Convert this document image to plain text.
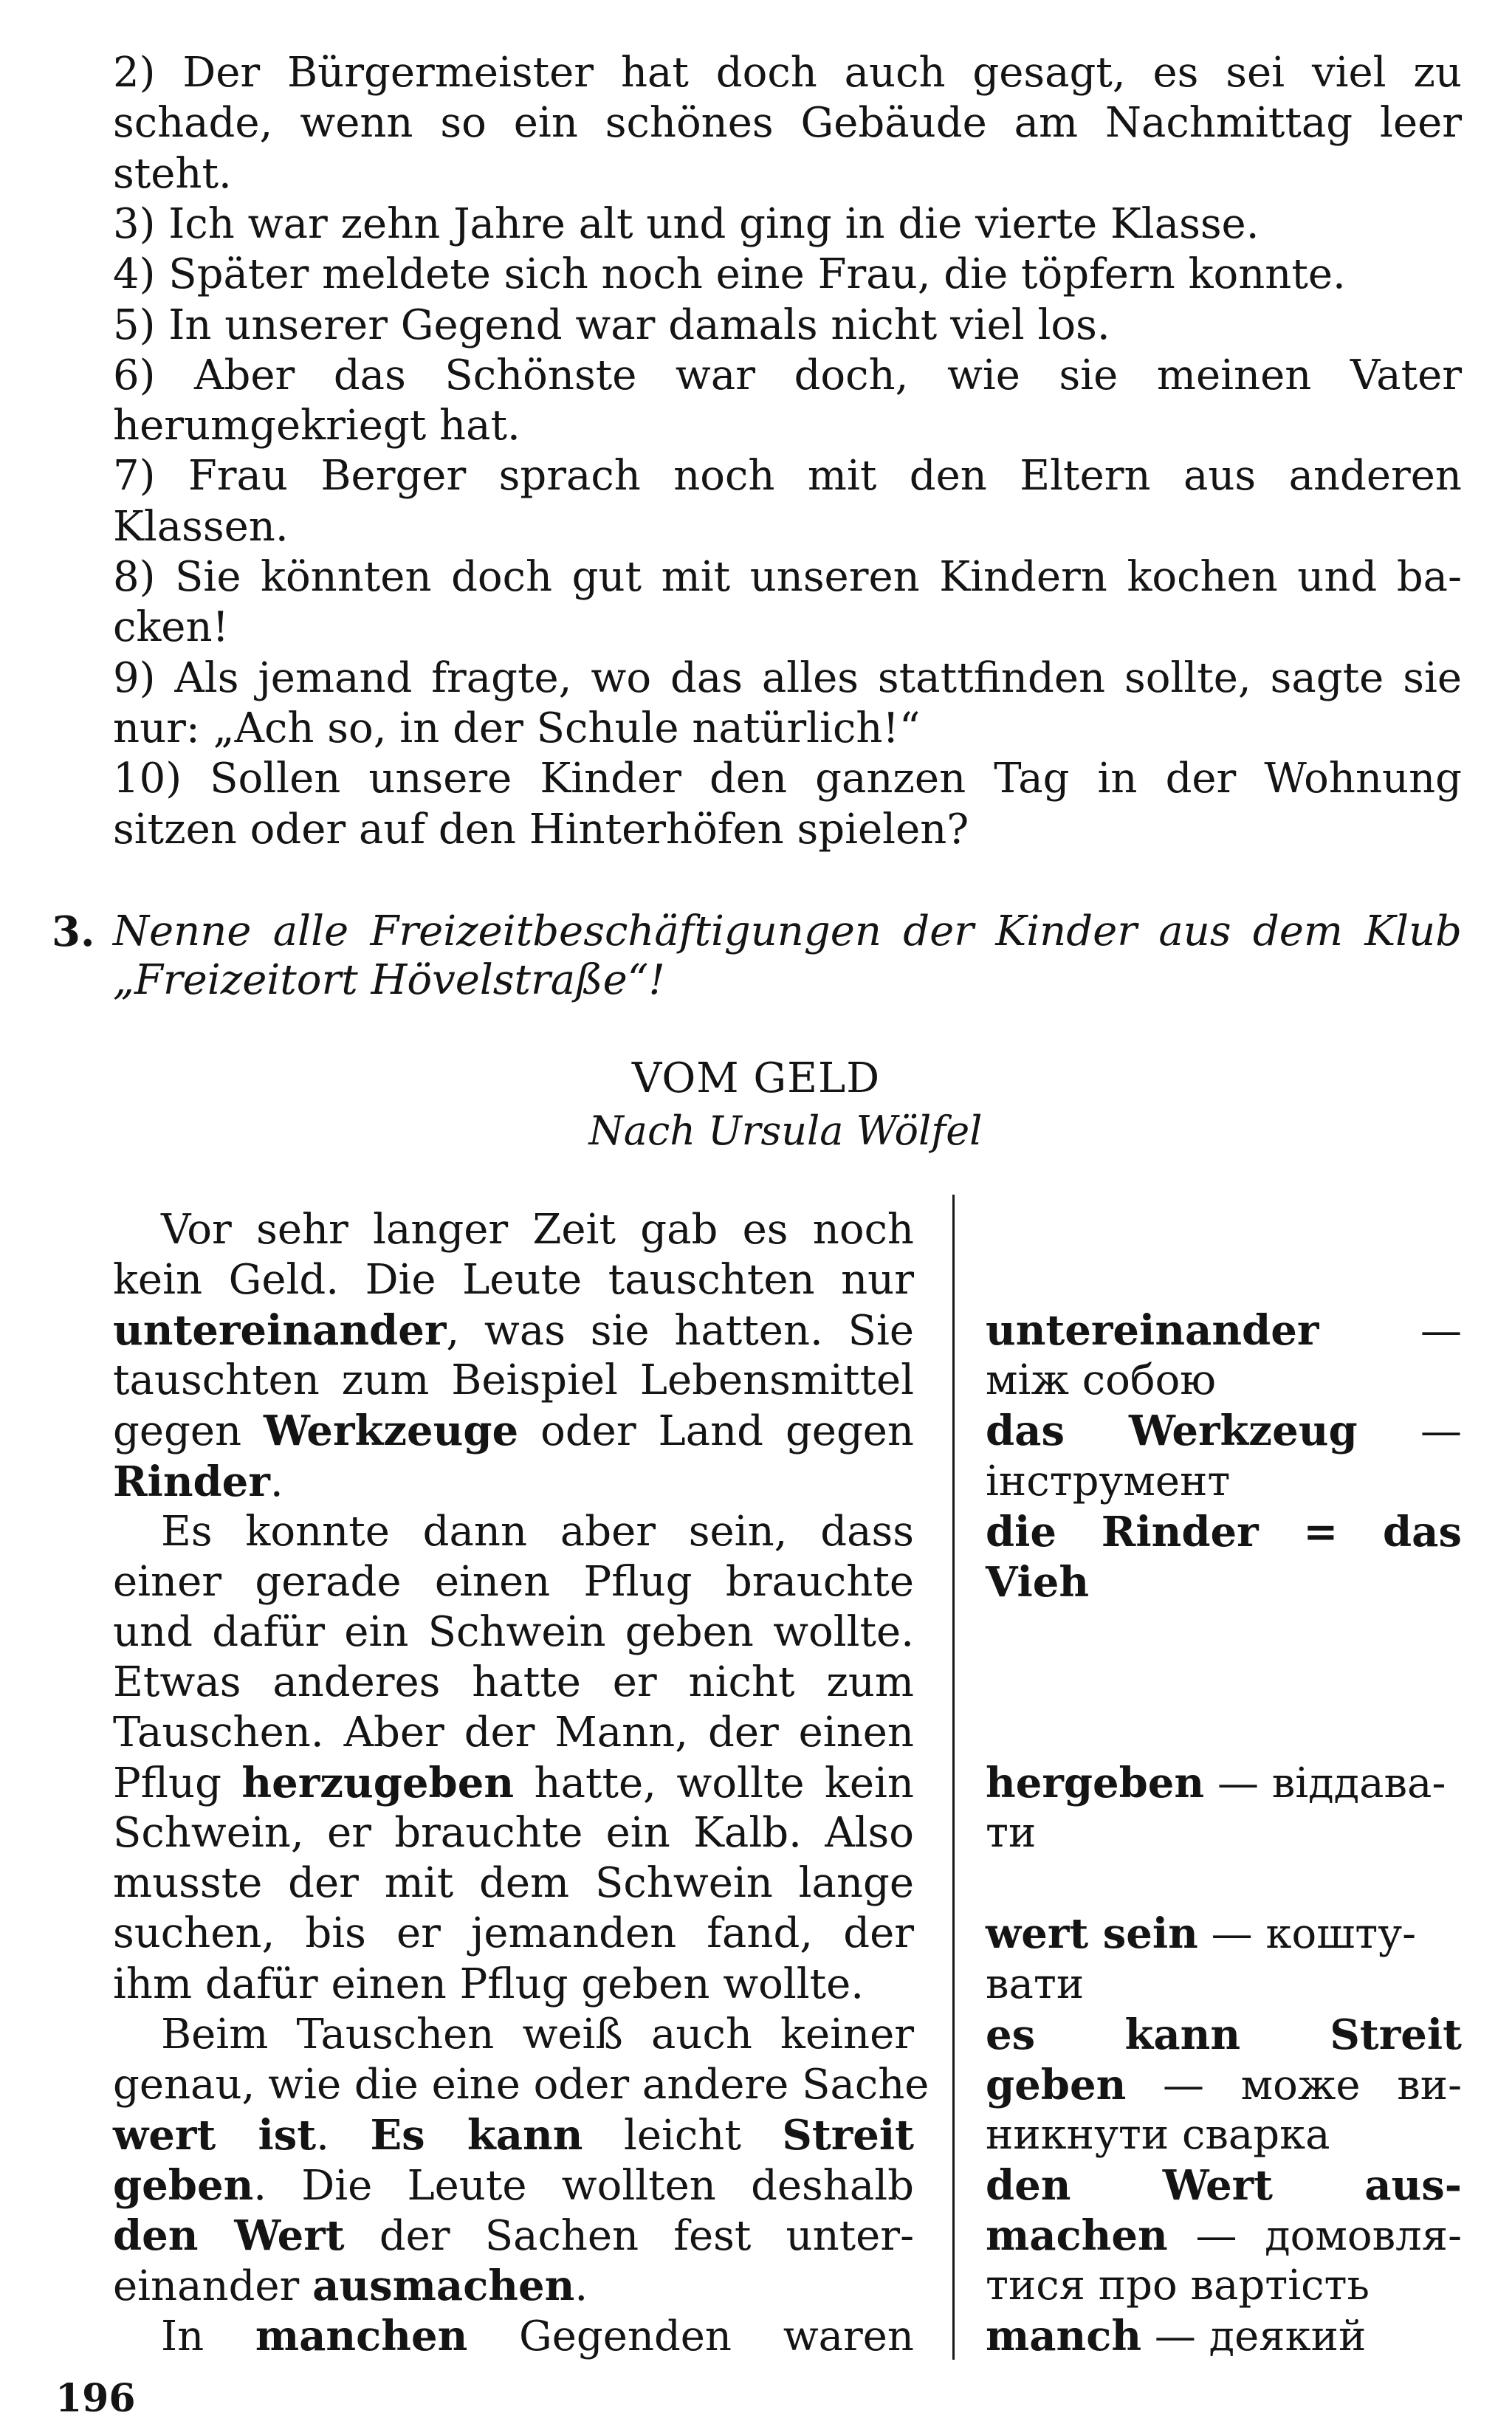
2) Der Bürgermeister hat doch auch gesagt, es sei viel zu
schade, wenn so ein schönes Gebäude am Nachmittag leer
steht.
3) Ich war zehn Jahre alt und ging in die vierte Klasse.
4) Später meldete sich noch eine Frau, die töpfern konnte.
5) In unserer Gegend war damals nicht viel los.
6) Aber das Schönste war doch, wie sie meinen Vater
herumgekriegt hat.
7) Frau Berger sprach noch mit den Eltern aus anderen
Klassen.
8) Sie könnten doch gut mit unseren Kindern kochen und ba-
cken!
9) Als jemand fragte, wo das alles stattfinden sollte, sagte sie
nur: „Ach so, in der Schule natürlich!“
10) Sollen unsere Kinder den ganzen Tag in der Wohnung
sitzen oder auf den Hinterhöfen spielen?
3. Nenne alle Freizeitbeschäftigungen der Kinder aus dem Klub
„Freizeitort Hövelstraße“!
VOM GELD
Nach Ursula Wölfel
Vor sehr langer Zeit gab es noch
kein Geld. Die Leute tauschten nur
untereinander, was sie hatten. Sie
tauschten zum Beispiel Lebensmittel
gegen Werkzeuge oder Land gegen
Rinder.
Es konnte dann aber sein, dass
einer gerade einen Pflug brauchte
und dafür ein Schwein geben wollte.
Etwas anderes hatte er nicht zum
Tauschen. Aber der Mann, der einen
Pflug herzugeben hatte, wollte kein
Schwein, er brauchte ein Kalb. Also
musste der mit dem Schwein lange
suchen, bis er jemanden fand, der
ihm dafür einen Pflug geben wollte.
Beim Tauschen weiß auch keiner
genau, wie die eine oder andere Sache
wert ist. Es kann leicht Streit
geben. Die Leute wollten deshalb
den Wert der Sachen fest unter-
einander ausmachen.
In manchen Gegenden waren
untereinander —
між собою
das Werkzeug —
інструмент
die Rinder = das
Vieh
hergeben — віддава-
ти
wert sein — кошту-
вати
es kann Streit
geben — може ви-
никнути сварка
den Wert aus-
machen — домовля-
тися про вартість
manch — деякий
196
